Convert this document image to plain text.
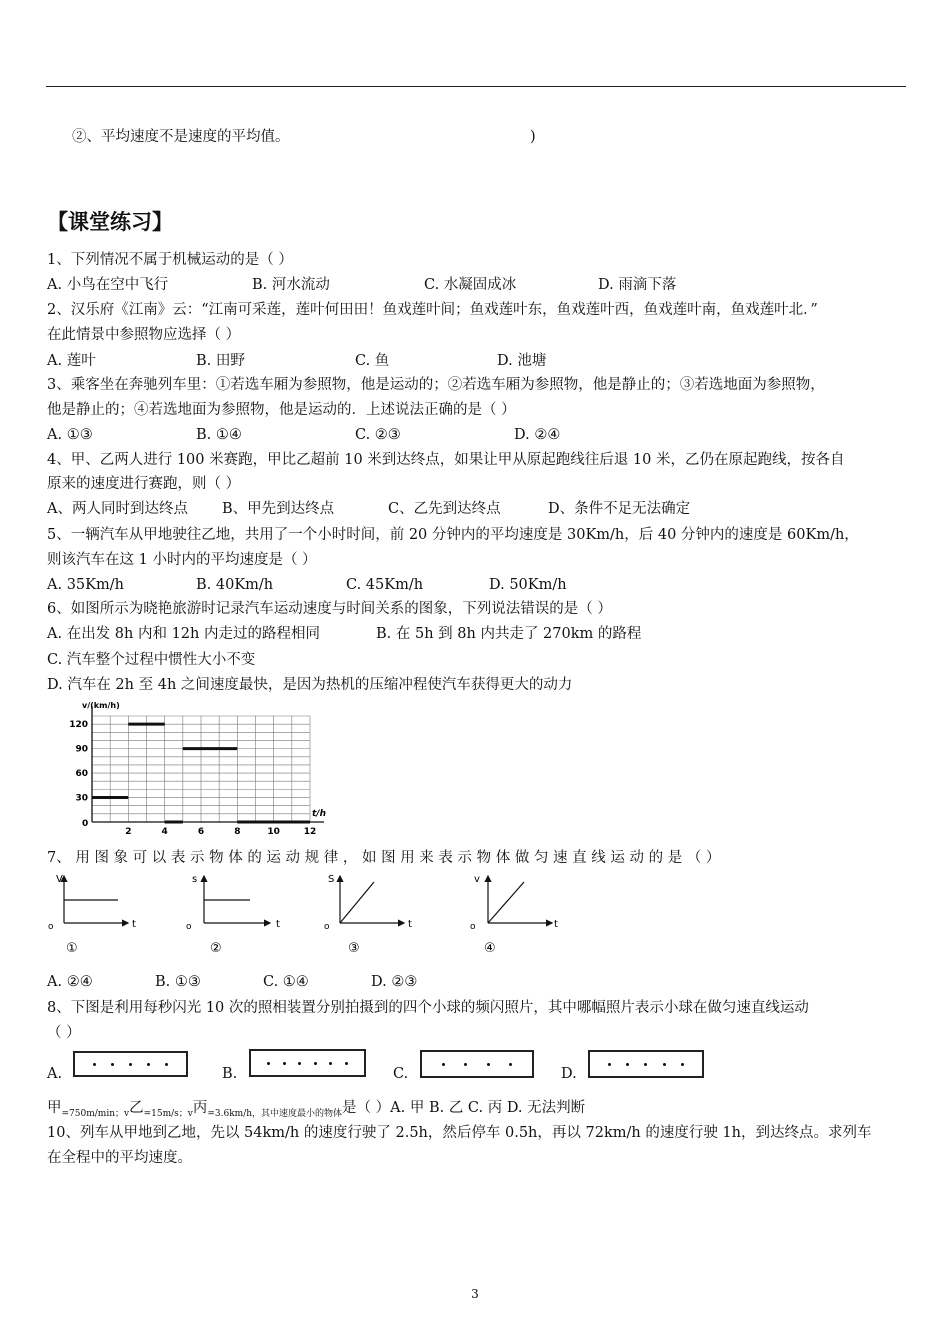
②、平均速度不是速度的平均值。	)
【课堂练习】
1、下列情况不属于机械运动的是（ ）
A. 小鸟在空中飞行	B. 河水流动	C. 水凝固成冰	D. 雨滴下落
2、汉乐府《江南》云：“江南可采莲，莲叶何田田！鱼戏莲叶间；鱼戏莲叶东，鱼戏莲叶西，鱼戏莲叶南，鱼戏莲叶北．”
在此情景中参照物应选择（ ）
A. 莲叶	B. 田野	C. 鱼	D. 池塘
3、乘客坐在奔驰列车里：①若选车厢为参照物，他是运动的；②若选车厢为参照物，他是静止的；③若选地面为参照物，
他是静止的；④若选地面为参照物，他是运动的．上述说法正确的是（ ）
A. ①③	B. ①④	C. ②③	D. ②④
4、甲、乙两人进行 100 米赛跑，甲比乙超前 10 米到达终点，如果让甲从原起跑线往后退 10 米，乙仍在原起跑线，按各自
原来的速度进行赛跑，则（ ）
A、两人同时到达终点 B、甲先到达终点	C、乙先到达终点	D、条件不足无法确定
5、一辆汽车从甲地驶往乙地，共用了一个小时时间，前 20 分钟内的平均速度是 30Km/h，后 40 分钟内的速度是 60Km/h，
则该汽车在这 1 小时内的平均速度是（ ）
A. 35Km/h	B. 40Km/h	C. 45Km/h	D. 50Km/h
6、如图所示为晓艳旅游时记录汽车运动速度与时间关系的图象，下列说法错误的是（ ）
A. 在出发 8h 内和 12h 内走过的路程相同	B. 在 5h 到 8h 内共走了 270km 的路程
C. 汽车整个过程中惯性大小不变
D. 汽车在 2h 至 4h 之间速度最快，是因为热机的压缩冲程使汽车获得更大的动力
v/(km/h)
t/h
0
2	4	6	8	10	12
30
60
90
120
7、 用 图 象 可 以 表 示 物 体 的 运 动 规 律 ， 如 图 用 来 表 示 物 体 做 匀 速 直 线 运 动 的 是 （ ）
V
t
o
①
s
t
o
②
S
t
o
③
v
t
o
④
A. ②④	B. ①③	C. ①④	D. ②③
8、下图是利用每秒闪光 10 次的照相装置分别拍摄到的四个小球的频闪照片，其中哪幅照片表示小球在做匀速直线运动
（ ）
A.	B.	C.	D.
甲$_{=750m/min;v}$乙$_{=15m/s;v}$丙$_{=3.6km/h,其中速度最小的物体}$是（ ）A. 甲 B. 乙 C. 丙 D. 无法判断
10、列车从甲地到乙地，先以 54km/h 的速度行驶了 2.5h，然后停车 0.5h，再以 72km/h 的速度行驶 1h，到达终点。求列车
在全程中的平均速度。
3
